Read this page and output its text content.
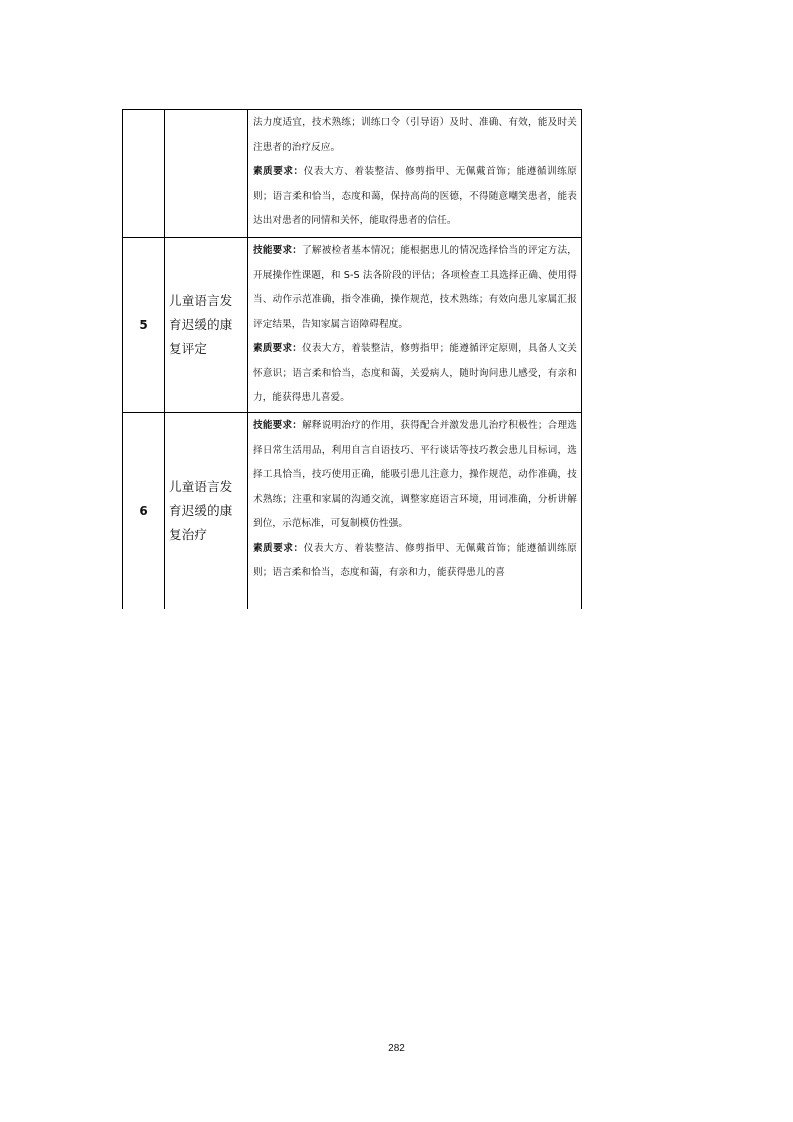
		法力度适宜，技术熟练；训练口令（引导语）及时、准确、有效，能及时关注患者的治疗反应。

素质要求：仪表大方、着装整洁、修剪指甲、无佩戴首饰；能遵循训练原则；语言柔和恰当，态度和蔼，保持高尚的医德，不得随意嘲笑患者，能表达出对患者的同情和关怀，能取得患者的信任。

5	儿童语言发育迟缓的康复评定	技能要求：了解被检者基本情况；能根据患儿的情况选择恰当的评定方法，开展操作性课题，和 S-S 法各阶段的评估；各项检查工具选择正确、使用得当、动作示范准确，指令准确，操作规范，技术熟练；有效向患儿家属汇报评定结果，告知家属言语障碍程度。

素质要求：仪表大方，着装整洁，修剪指甲；能遵循评定原则，具备人文关怀意识；语言柔和恰当，态度和蔼，关爱病人，随时询问患儿感受，有亲和力，能获得患儿喜爱。

6	儿童语言发育迟缓的康复治疗	技能要求：解释说明治疗的作用，获得配合并激发患儿治疗积极性；合理选择日常生活用品，利用自言自语技巧、平行谈话等技巧教会患儿目标词，选择工具恰当，技巧使用正确，能吸引患儿注意力，操作规范，动作准确，技术熟练；注重和家属的沟通交流，调整家庭语言环境，用词准确，分析讲解到位，示范标准，可复制模仿性强。

素质要求：仪表大方、着装整洁、修剪指甲、无佩戴首饰；能遵循训练原则；语言柔和恰当，态度和蔼，有亲和力，能获得患儿的喜

282
